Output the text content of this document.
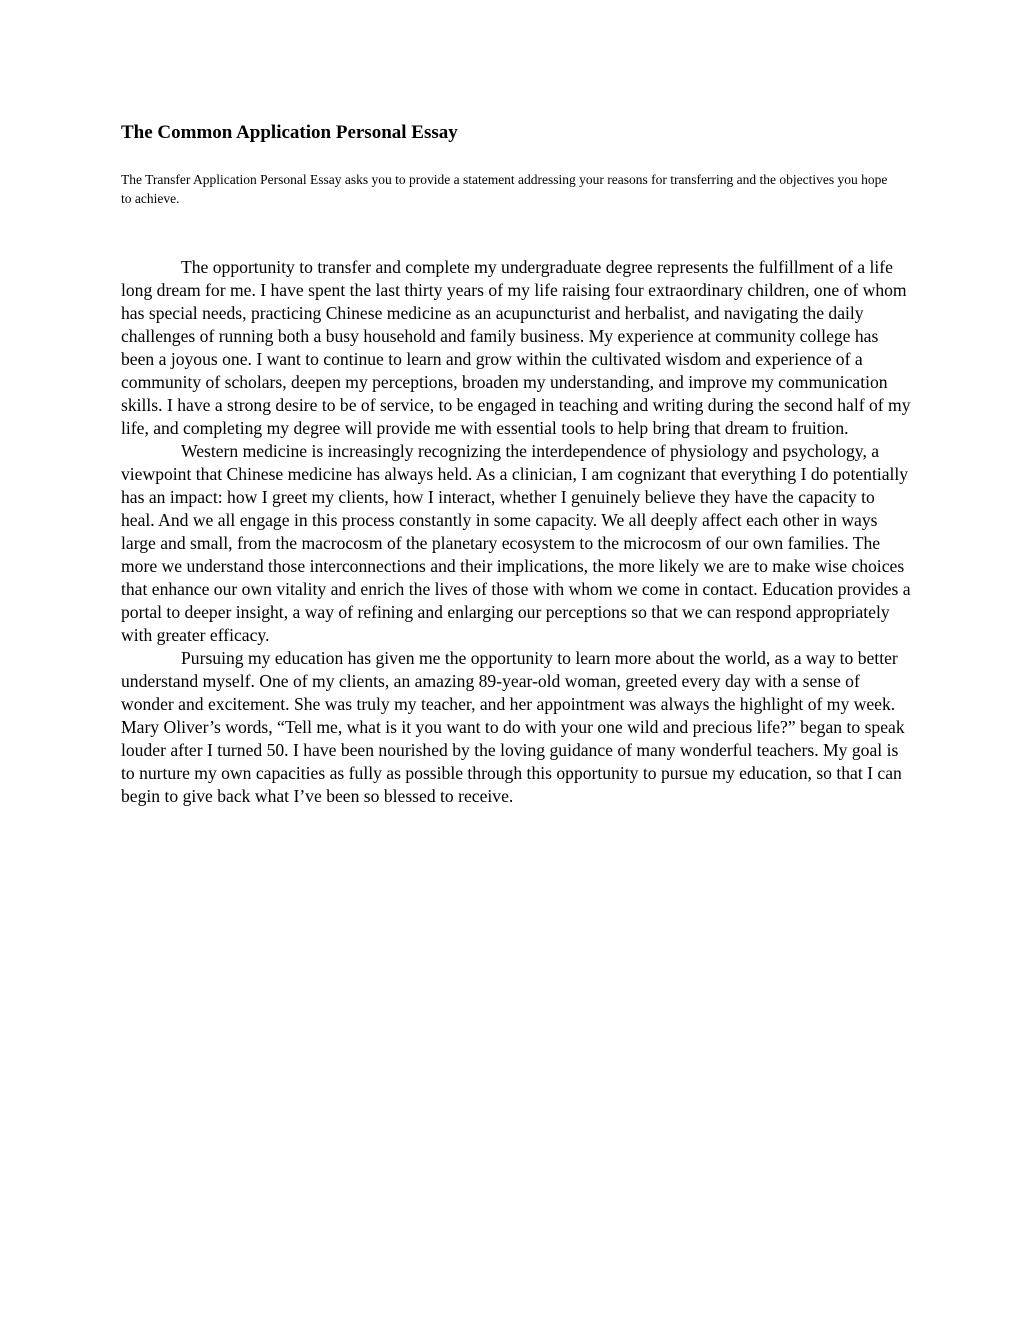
The Common Application Personal Essay

The Transfer Application Personal Essay asks you to provide a statement addressing your reasons for transferring and the objectives you hope to achieve.

The opportunity to transfer and complete my undergraduate degree represents the fulfillment of a life long dream for me. I have spent the last thirty years of my life raising four extraordinary children, one of whom has special needs, practicing Chinese medicine as an acupuncturist and herbalist, and navigating the daily challenges of running both a busy household and family business. My experience at community college has been a joyous one. I want to continue to learn and grow within the cultivated wisdom and experience of a community of scholars, deepen my perceptions, broaden my understanding, and improve my communication skills. I have a strong desire to be of service, to be engaged in teaching and writing during the second half of my life, and completing my degree will provide me with essential tools to help bring that dream to fruition.

Western medicine is increasingly recognizing the interdependence of physiology and psychology, a viewpoint that Chinese medicine has always held. As a clinician, I am cognizant that everything I do potentially has an impact: how I greet my clients, how I interact, whether I genuinely believe they have the capacity to heal. And we all engage in this process constantly in some capacity. We all deeply affect each other in ways large and small, from the macrocosm of the planetary ecosystem to the microcosm of our own families. The more we understand those interconnections and their implications, the more likely we are to make wise choices that enhance our own vitality and enrich the lives of those with whom we come in contact. Education provides a portal to deeper insight, a way of refining and enlarging our perceptions so that we can respond appropriately with greater efficacy.

Pursuing my education has given me the opportunity to learn more about the world, as a way to better understand myself. One of my clients, an amazing 89-year-old woman, greeted every day with a sense of wonder and excitement. She was truly my teacher, and her appointment was always the highlight of my week. Mary Oliver’s words, “Tell me, what is it you want to do with your one wild and precious life?” began to speak louder after I turned 50. I have been nourished by the loving guidance of many wonderful teachers. My goal is to nurture my own capacities as fully as possible through this opportunity to pursue my education, so that I can begin to give back what I’ve been so blessed to receive.
